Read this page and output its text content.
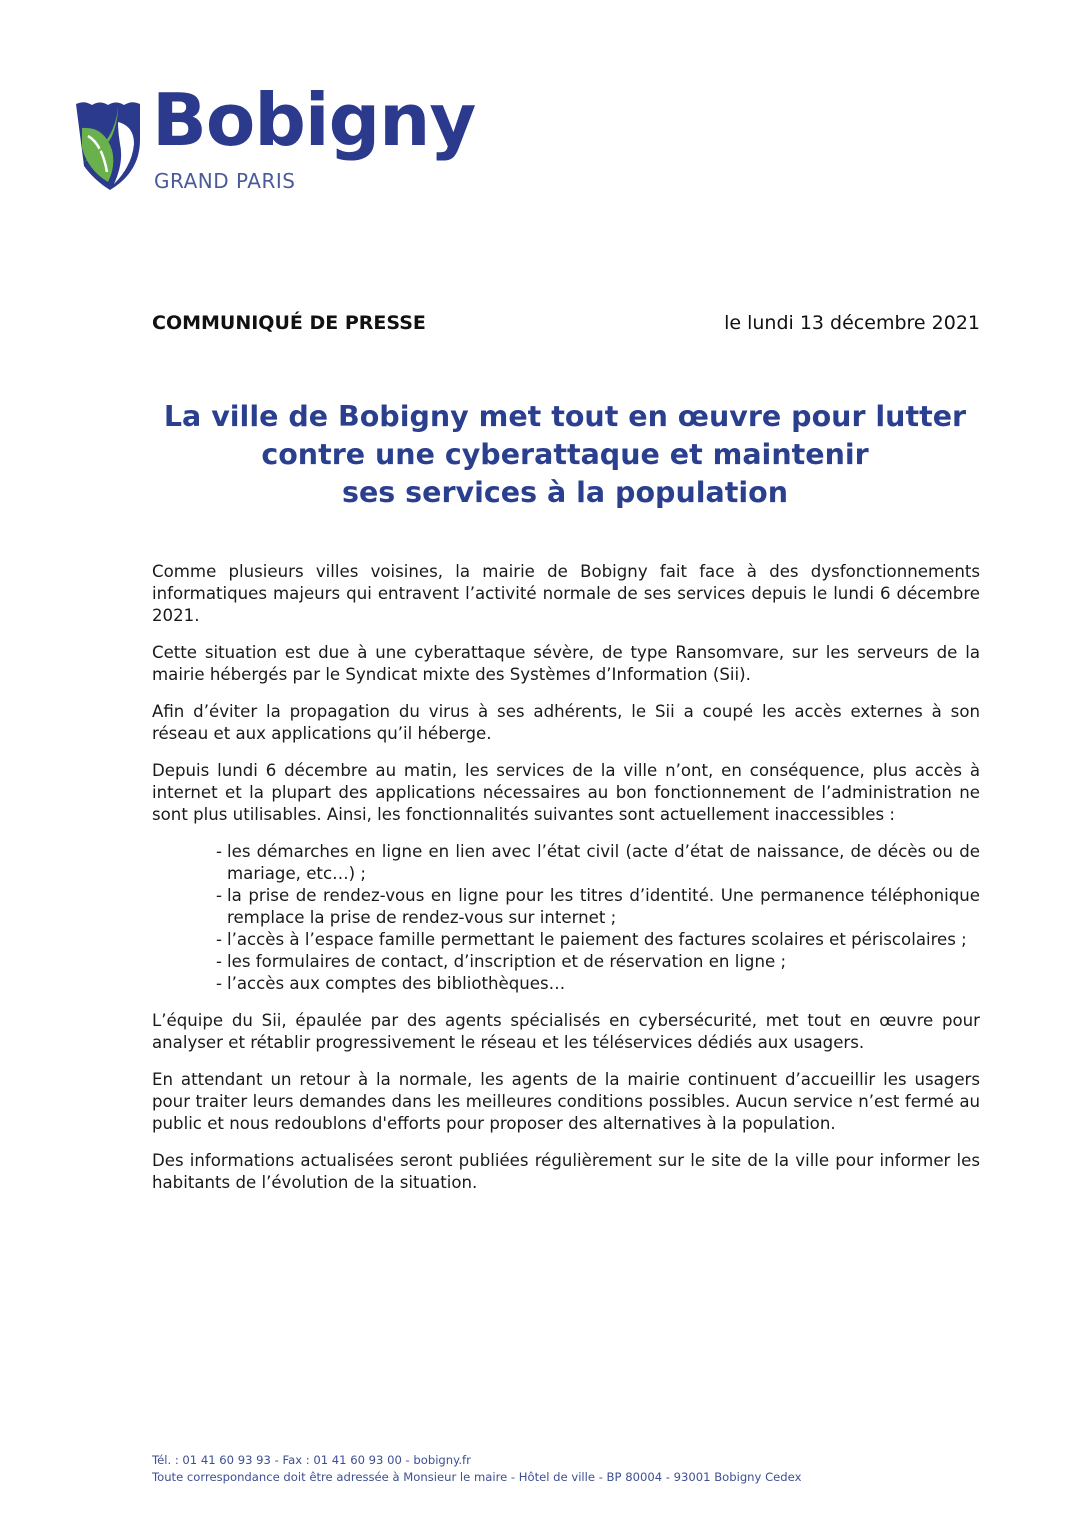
Bobigny
GRAND PARIS
COMMUNIQUÉ DE PRESSE	le lundi 13 décembre 2021
La ville de Bobigny met tout en œuvre pour lutter
contre une cyberattaque et maintenir
ses services à la population

Comme plusieurs villes voisines, la mairie de Bobigny fait face à des dysfonctionnements informatiques majeurs qui entravent l’activité normale de ses services depuis le lundi 6 décembre 2021.

Cette situation est due à une cyberattaque sévère, de type Ransomvare, sur les serveurs de la mairie hébergés par le Syndicat mixte des Systèmes d’Information (Sii).

Afin d’éviter la propagation du virus à ses adhérents, le Sii a coupé les accès externes à son réseau et aux applications qu’il héberge.

Depuis lundi 6 décembre au matin, les services de la ville n’ont, en conséquence, plus accès à internet et la plupart des applications nécessaires au bon fonctionnement de l’administration ne sont plus utilisables. Ainsi, les fonctionnalités suivantes sont actuellement inaccessibles :

- les démarches en ligne en lien avec l’état civil (acte d’état de naissance, de décès ou de mariage, etc…) ;
- la prise de rendez-vous en ligne pour les titres d’identité. Une permanence téléphonique remplace la prise de rendez-vous sur internet ;
- l’accès à l’espace famille permettant le paiement des factures scolaires et périscolaires ;
- les formulaires de contact, d’inscription et de réservation en ligne ;
- l’accès aux comptes des bibliothèques…

L’équipe du Sii, épaulée par des agents spécialisés en cybersécurité, met tout en œuvre pour analyser et rétablir progressivement le réseau et les téléservices dédiés aux usagers.

En attendant un retour à la normale, les agents de la mairie continuent d’accueillir les usagers pour traiter leurs demandes dans les meilleures conditions possibles. Aucun service n’est fermé au public et nous redoublons d'efforts pour proposer des alternatives à la population.

Des informations actualisées seront publiées régulièrement sur le site de la ville pour informer les habitants de l’évolution de la situation.

Tél. : 01 41 60 93 93 - Fax : 01 41 60 93 00 - bobigny.fr
Toute correspondance doit être adressée à Monsieur le maire - Hôtel de ville - BP 80004 - 93001 Bobigny Cedex
